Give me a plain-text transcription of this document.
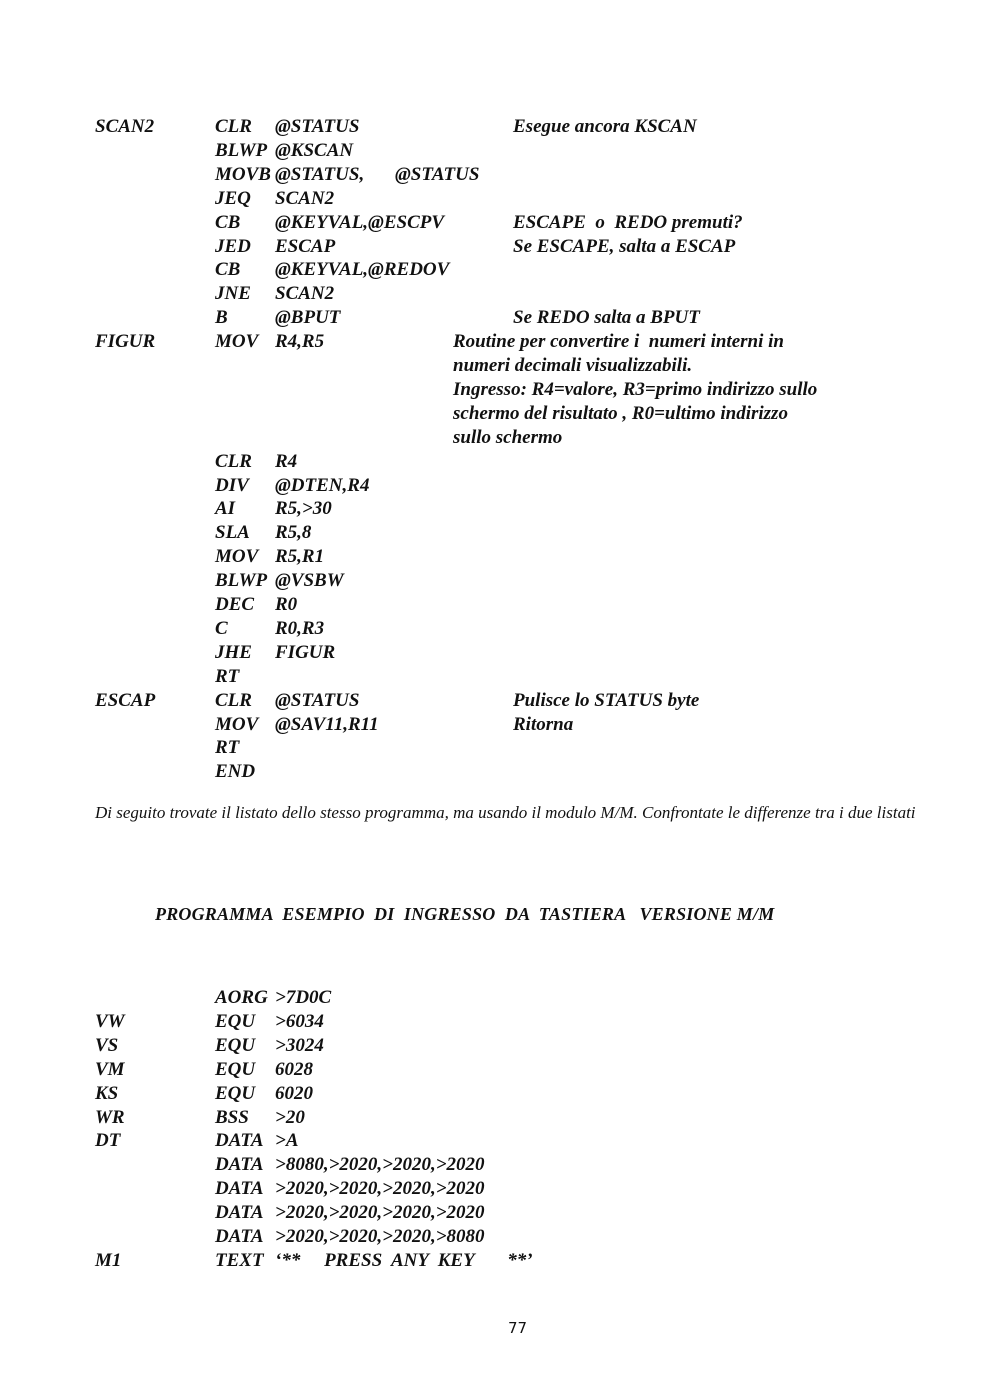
SCAN2	CLR @STATUS	Esegue ancora KSCAN
BLWP @KSCAN
MOVB @STATUS, @STATUS
JEQ SCAN2
CB @KEYVAL,@ESCPV	ESCAPE  o  REDO premuti?
JED ESCAP	Se ESCAPE, salta a ESCAP
CB @KEYVAL,@REDOV
JNE SCAN2
B @BPUT	Se REDO salta a BPUT
FIGUR	MOV R4,R5	Routine per convertire i  numeri interni in
numeri decimali visualizzabili.
Ingresso: R4=valore, R3=primo indirizzo sullo
schermo del risultato , R0=ultimo indirizzo
sullo schermo
CLR R4
DIV @DTEN,R4
AI R5,>30
SLA R5,8
MOV R5,R1
BLWP @VSBW
DEC R0
C R0,R3
JHE FIGUR
RT
ESCAP	CLR @STATUS	Pulisce lo STATUS byte
MOV @SAV11,R11	Ritorna
RT
END
Di seguito trovate il listato dello stesso programma, ma usando il modulo M/M. Confrontate le differenze tra i due listati
PROGRAMMA  ESEMPIO  DI  INGRESSO  DA  TASTIERA   VERSIONE M/M
AORG >7D0C
VW	EQU >6034
VS	EQU >3024
VM	EQU 6028
KS	EQU 6020
WR	BSS >20
DT	DATA >A
DATA >8080,>2020,>2020,>2020
DATA >2020,>2020,>2020,>2020
DATA >2020,>2020,>2020,>2020
DATA >2020,>2020,>2020,>8080
M1	TEXT ‘**     PRESS  ANY  KEY       **’
77
